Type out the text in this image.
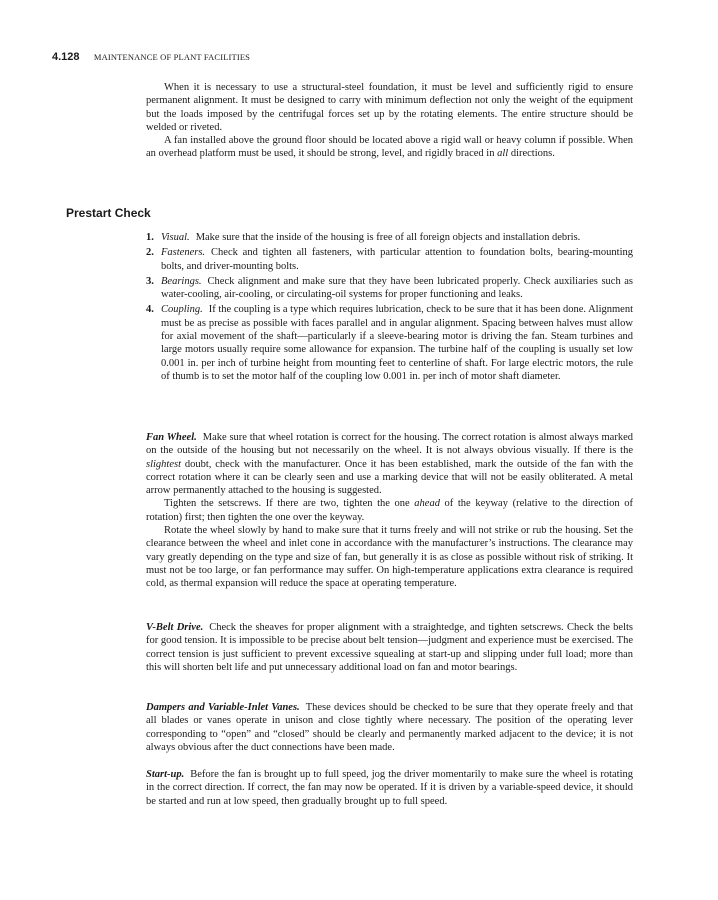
4.128 MAINTENANCE OF PLANT FACILITIES

When it is necessary to use a structural-steel foundation, it must be level and sufficiently rigid to ensure permanent alignment. It must be designed to carry with minimum deflection not only the weight of the equipment but the loads imposed by the centrifugal forces set up by the rotating elements. The entire structure should be welded or riveted.

A fan installed above the ground floor should be located above a rigid wall or heavy column if possible. When an overhead platform must be used, it should be strong, level, and rigidly braced in all directions.

Prestart Check
1. Visual. Make sure that the inside of the housing is free of all foreign objects and installation debris.
2. Fasteners. Check and tighten all fasteners, with particular attention to foundation bolts, bearing-mounting bolts, and driver-mounting bolts.
3. Bearings. Check alignment and make sure that they have been lubricated properly. Check auxiliaries such as water-cooling, air-cooling, or circulating-oil systems for proper functioning and leaks.
4. Coupling. If the coupling is a type which requires lubrication, check to be sure that it has been done. Alignment must be as precise as possible with faces parallel and in angular alignment. Spacing between halves must allow for axial movement of the shaft—particularly if a sleeve-bearing motor is driving the fan. Steam turbines and large motors usually require some allowance for expansion. The turbine half of the coupling is usually set low 0.001 in. per inch of turbine height from mounting feet to centerline of shaft. For large electric motors, the rule of thumb is to set the motor half of the coupling low 0.001 in. per inch of motor shaft diameter.

Fan Wheel. Make sure that wheel rotation is correct for the housing. The correct rotation is almost always marked on the outside of the housing but not necessarily on the wheel. It is not always obvious visually. If there is the slightest doubt, check with the manufacturer. Once it has been established, mark the outside of the fan with the correct rotation where it can be clearly seen and use a marking device that will not be easily obliterated. A metal arrow permanently attached to the housing is suggested.

Tighten the setscrews. If there are two, tighten the one ahead of the keyway (relative to the direction of rotation) first; then tighten the one over the keyway.

Rotate the wheel slowly by hand to make sure that it turns freely and will not strike or rub the housing. Set the clearance between the wheel and inlet cone in accordance with the manufacturer’s instructions. The clearance may vary greatly depending on the type and size of fan, but generally it is as close as possible without risk of striking. It must not be too large, or fan performance may suffer. On high-temperature applications extra clearance is required cold, as thermal expansion will reduce the space at operating temperature.

V-Belt Drive. Check the sheaves for proper alignment with a straightedge, and tighten setscrews. Check the belts for good tension. It is impossible to be precise about belt tension—judgment and experience must be exercised. The correct tension is just sufficient to prevent excessive squealing at start-up and slipping under full load; more than this will shorten belt life and put unnecessary additional load on fan and motor bearings.

Dampers and Variable-Inlet Vanes. These devices should be checked to be sure that they operate freely and that all blades or vanes operate in unison and close tightly where necessary. The position of the operating lever corresponding to “open” and “closed” should be clearly and permanently marked adjacent to the device; it is not always obvious after the duct connections have been made.

Start-up. Before the fan is brought up to full speed, jog the driver momentarily to make sure the wheel is rotating in the correct direction. If correct, the fan may now be operated. If it is driven by a variable-speed device, it should be started and run at low speed, then gradually brought up to full speed.
